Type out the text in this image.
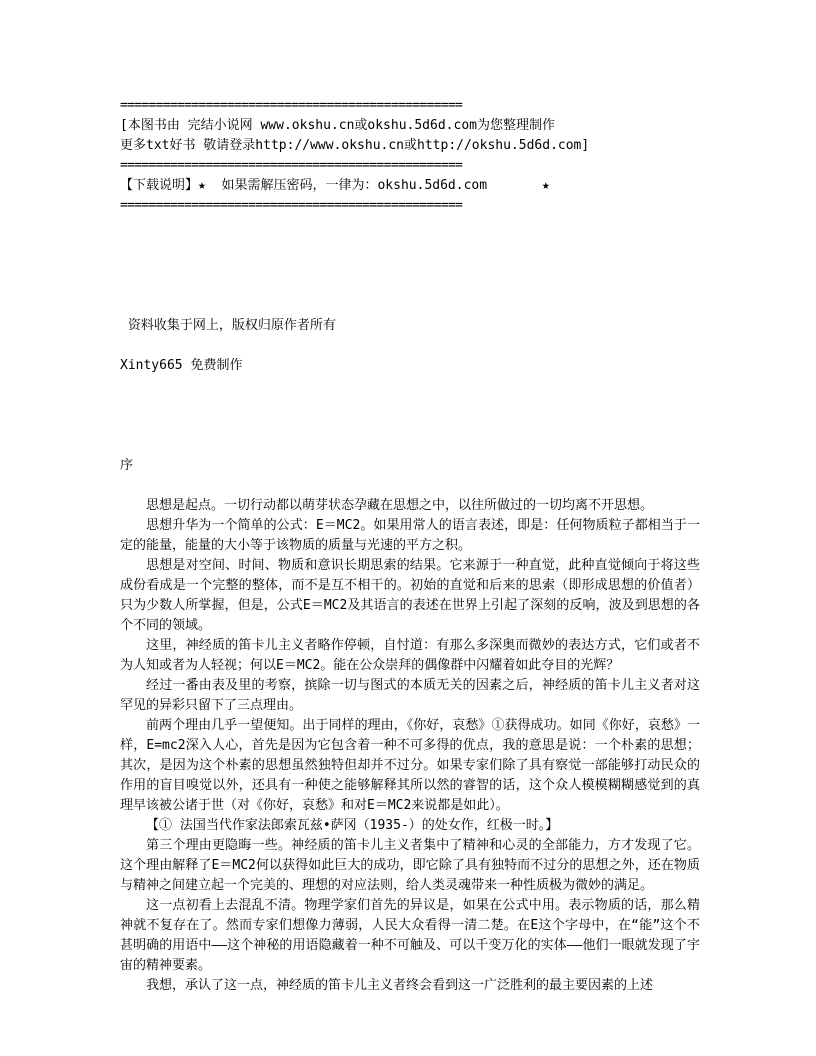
================================================
[本图书由 完结小说网 www.okshu.cn或okshu.5d6d.com为您整理制作
更多txt好书 敬请登录http://www.okshu.cn或http://okshu.5d6d.com]
================================================
【下载说明】★  如果需解压密码，一律为：okshu.5d6d.com       ★
================================================
资料收集于网上，版权归原作者所有
Xinty665 免费制作

序

思想是起点。一切行动都以萌芽状态孕藏在思想之中，以往所做过的一切均离不开思想。

思想升华为一个简单的公式：E＝MC2。如果用常人的语言表述，即是：任何物质粒子都相当于一定的能量，能量的大小等于该物质的质量与光速的平方之积。

思想是对空间、时间、物质和意识长期思索的结果。它来源于一种直觉，此种直觉倾向于将这些成份看成是一个完整的整体，而不是互不相干的。初始的直觉和后来的思索（即形成思想的价值者）只为少数人所掌握，但是，公式E＝MC2及其语言的表述在世界上引起了深刻的反响，波及到思想的各个不同的领域。

这里，神经质的笛卡儿主义者略作停顿，自忖道：有那么多深奥而微妙的表达方式，它们或者不为人知或者为人轻视；何以E＝MC2。能在公众崇拜的偶像群中闪耀着如此夺目的光辉？

经过一番由表及里的考察，摈除一切与图式的本质无关的因素之后，神经质的笛卡儿主义者对这罕见的异彩只留下了三点理由。

前两个理由几乎一望便知。出于同样的理由，《你好，哀愁》①获得成功。如同《你好，哀愁》一样，E=mc2深入人心，首先是因为它包含着一种不可多得的优点，我的意思是说：一个朴素的思想；其次，是因为这个朴素的思想虽然独特但却并不过分。如果专家们除了具有察觉一部能够打动民众的作用的盲目嗅觉以外，还具有一种使之能够解释其所以然的睿智的话，这个众人模模糊糊感觉到的真理早该被公诸于世（对《你好，哀愁》和对E＝MC2来说都是如此）。

【① 法国当代作家法郎索瓦兹•萨冈（1935-）的处女作，红极一时。】

第三个理由更隐晦一些。神经质的笛卡儿主义者集中了精神和心灵的全部能力，方才发现了它。这个理由解释了E＝MC2何以获得如此巨大的成功，即它除了具有独特而不过分的思想之外，还在物质与精神之间建立起一个完美的、理想的对应法则，给人类灵魂带来一种性质极为微妙的满足。

这一点初看上去混乱不清。物理学家们首先的异议是，如果在公式中用。表示物质的话，那么精神就不复存在了。然而专家们想像力薄弱，人民大众看得一清二楚。在E这个字母中，在“能”这个不甚明确的用语中——这个神秘的用语隐藏着一种不可触及、可以千变万化的实体——他们一眼就发现了宇宙的精神要素。

我想，承认了这一点，神经质的笛卡儿主义者终会看到这一广泛胜利的最主要因素的上述
